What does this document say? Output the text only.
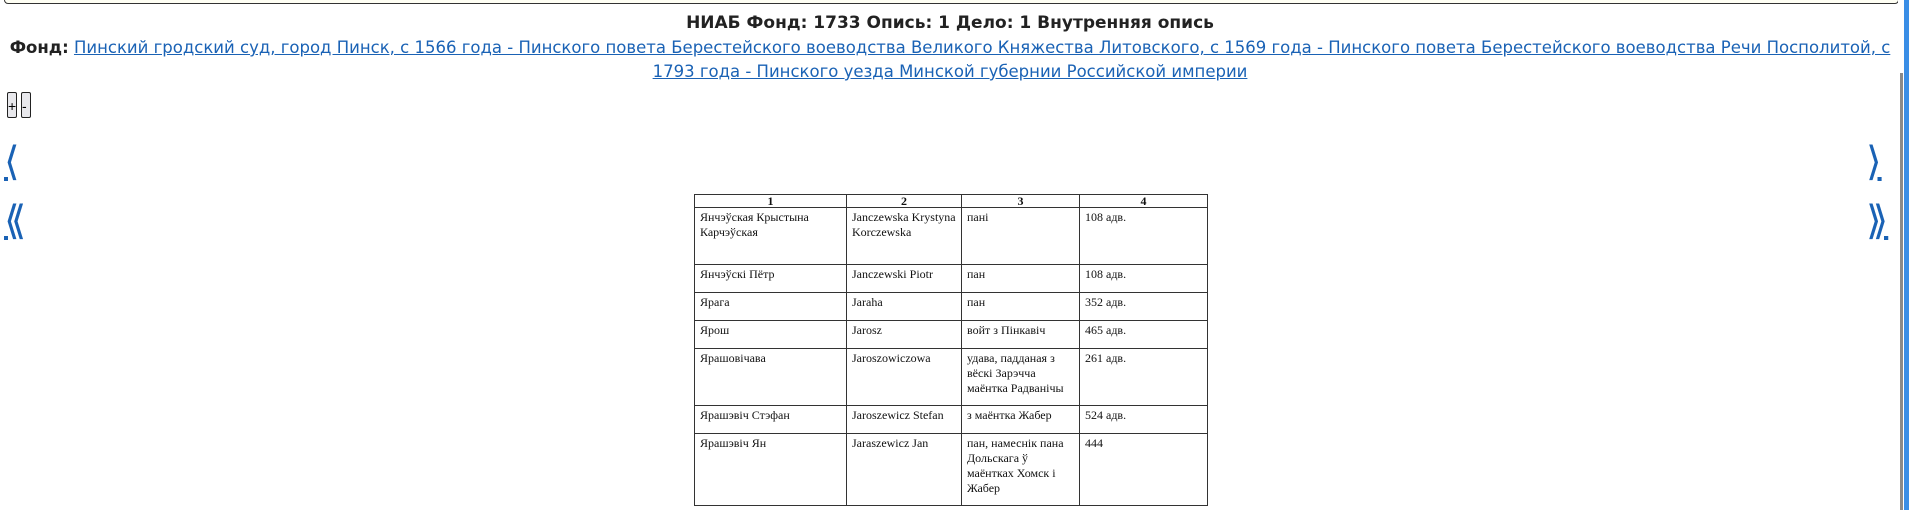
НИАБ Фонд: 1733 Опись: 1 Дело: 1 Внутренняя опись
Фонд: Пинский гродский суд, город Пинск, с 1566 года - Пинского повета Берестейского воеводства Великого Княжества Литовского, с 1569 года - Пинского повета Берестейского воеводства Речи Посполитой, с 1793 года - Пинского уезда Минской губернии Российской империи
+ -
⟨
⟪
⟩
⟫
1	2	3	4
Янчэўская Крыстына Карчэўская	Janczewska Krystyna Korczewska	пані	108 адв.
Янчэўскі Пётр	Janczewski Piotr	пан	108 адв.
Ярага	Jaraha	пан	352 адв.
Ярош	Jarosz	войт з Пінкавіч	465 адв.
Ярашовічава	Jaroszowiczowa	удава, падданая з вёскі Зарэчча маёнтка Радванічы	261 адв.
Ярашэвіч Стэфан	Jaroszewicz Stefan	з маёнтка Жабер	524 адв.
Ярашэвіч Ян	Jaraszewicz Jan	пан, намеснік пана Дольскага ў маёнтках Хомск і Жабер	444
